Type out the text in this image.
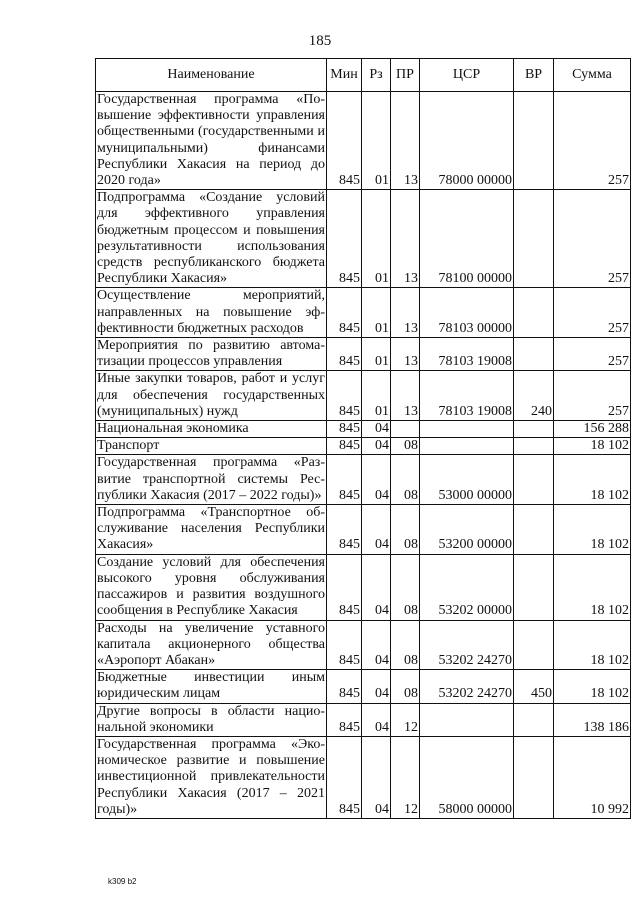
185
Наименование	Мин	Рз	ПР	ЦСР	ВР	Сумма
Государственная программа «Повышение эффективности управления общественными (государственными и муниципальными) финансами Республики Хакасия на период до 2020 года»	845	01	13	78000 00000		257
Подпрограмма «Создание условий для эффективного управления бюджетным процессом и повышения результативности использования средств республиканского бюджета Республики Хакасия»	845	01	13	78100 00000		257
Осуществление мероприятий, направленных на повышение эффективности бюджетных расходов	845	01	13	78103 00000		257
Мероприятия по развитию автоматизации процессов управления	845	01	13	78103 19008		257
Иные закупки товаров, работ и услуг для обеспечения государственных (муниципальных) нужд	845	01	13	78103 19008	240	257
Национальная экономика	845	04				156 288
Транспорт	845	04	08			18 102
Государственная программа «Развитие транспортной системы Республики Хакасия (2017 – 2022 годы)»	845	04	08	53000 00000		18 102
Подпрограмма «Транспортное обслуживание населения Республики Хакасия»	845	04	08	53200 00000		18 102
Создание условий для обеспечения высокого уровня обслуживания пассажиров и развития воздушного сообщения в Республике Хакасия	845	04	08	53202 00000		18 102
Расходы на увеличение уставного капитала акционерного общества «Аэропорт Абакан»	845	04	08	53202 24270		18 102
Бюджетные инвестиции иным юридическим лицам	845	04	08	53202 24270	450	18 102
Другие вопросы в области национальной экономики	845	04	12			138 186
Государственная программа «Экономическое развитие и повышение инвестиционной привлекательности Республики Хакасия (2017 – 2021 годы)»	845	04	12	58000 00000		10 992
k309 b2
